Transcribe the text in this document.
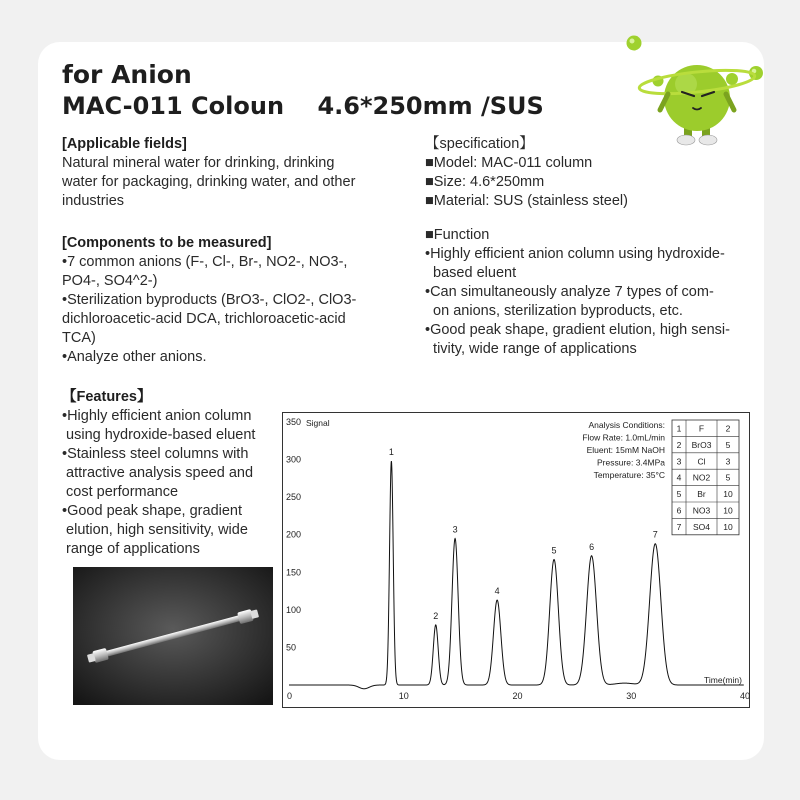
for Anion
MAC-011 Coloun    4.6*250mm /SUS
[Applicable fields]
Natural mineral water for drinking, drinking
water for packaging, drinking water, and other
industries
[Components to be measured]
•7 common anions (F-, Cl-, Br-, NO2-, NO3-,
PO4-, SO4^2-)
•Sterilization byproducts (BrO3-, ClO2-, ClO3-
dichloroacetic-acid DCA, trichloroacetic-acid
TCA)
•Analyze other anions.
【specification】
■Model: MAC-011 column
■Size: 4.6*250mm
■Material: SUS (stainless steel)
■Function
•Highly efficient anion column using hydroxide-
based eluent
•Can simultaneously analyze 7 types of com-
on anions, sterilization byproducts, etc.
•Good peak shape, gradient elution, high sensi-
tivity, wide range of applications
【Features】
•Highly efficient anion column
using hydroxide-based eluent
•Stainless steel columns with
attractive analysis speed and
cost performance
•Good peak shape, gradient
elution, high sensitivity, wide
range of applications
Signal
Time(min)
Analysis Conditions:
Flow Rate: 1.0mL/min
Eluent: 15mM NaOH
Pressure: 3.4MPa
Temperature: 35°C
1 F	2
2 BrO3 5
3 Cl 3
4 NO2 5
5 Br 10
6 NO3 10
7 SO4 10
50
100
150
200
250
300
350
0	10	20	30	40
1
2
3
4
5	6
7
